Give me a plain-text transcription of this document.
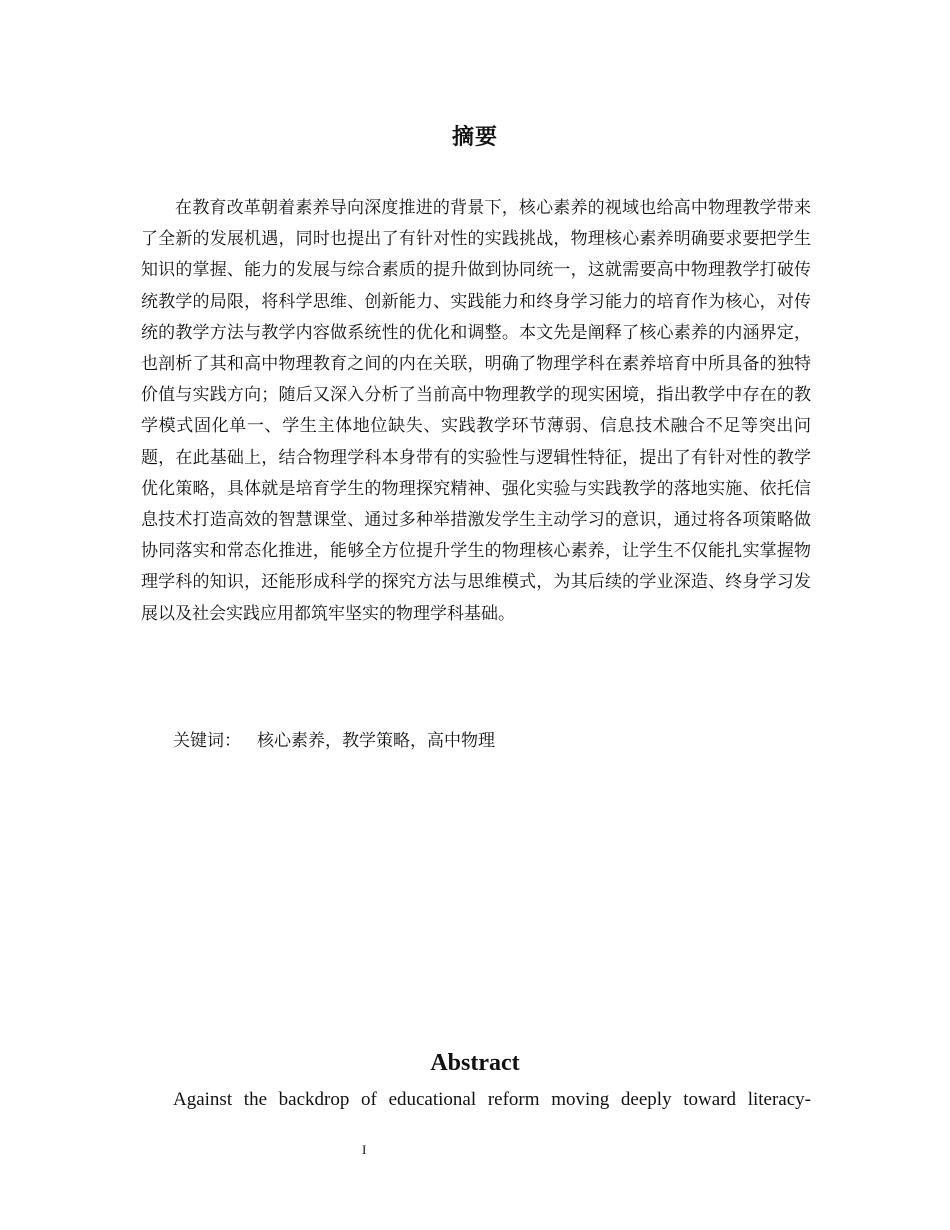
摘要

在教育改革朝着素养导向深度推进的背景下，核心素养的视域也给高中物理教学带来了全新的发展机遇，同时也提出了有针对性的实践挑战，物理核心素养明确要求要把学生知识的掌握、能力的发展与综合素质的提升做到协同统一，这就需要高中物理教学打破传统教学的局限，将科学思维、创新能力、实践能力和终身学习能力的培育作为核心，对传统的教学方法与教学内容做系统性的优化和调整。本文先是阐释了核心素养的内涵界定，也剖析了其和高中物理教育之间的内在关联，明确了物理学科在素养培育中所具备的独特价值与实践方向；随后又深入分析了当前高中物理教学的现实困境，指出教学中存在的教学模式固化单一、学生主体地位缺失、实践教学环节薄弱、信息技术融合不足等突出问题，在此基础上，结合物理学科本身带有的实验性与逻辑性特征，提出了有针对性的教学优化策略，具体就是培育学生的物理探究精神、强化实验与实践教学的落地实施、依托信息技术打造高效的智慧课堂、通过多种举措激发学生主动学习的意识，通过将各项策略做协同落实和常态化推进，能够全方位提升学生的物理核心素养，让学生不仅能扎实掌握物理学科的知识，还能形成科学的探究方法与思维模式，为其后续的学业深造、终身学习发展以及社会实践应用都筑牢坚实的物理学科基础。

关键词： 核心素养，教学策略，高中物理
Abstract

Against the backdrop of educational reform moving deeply toward literacy-

I
